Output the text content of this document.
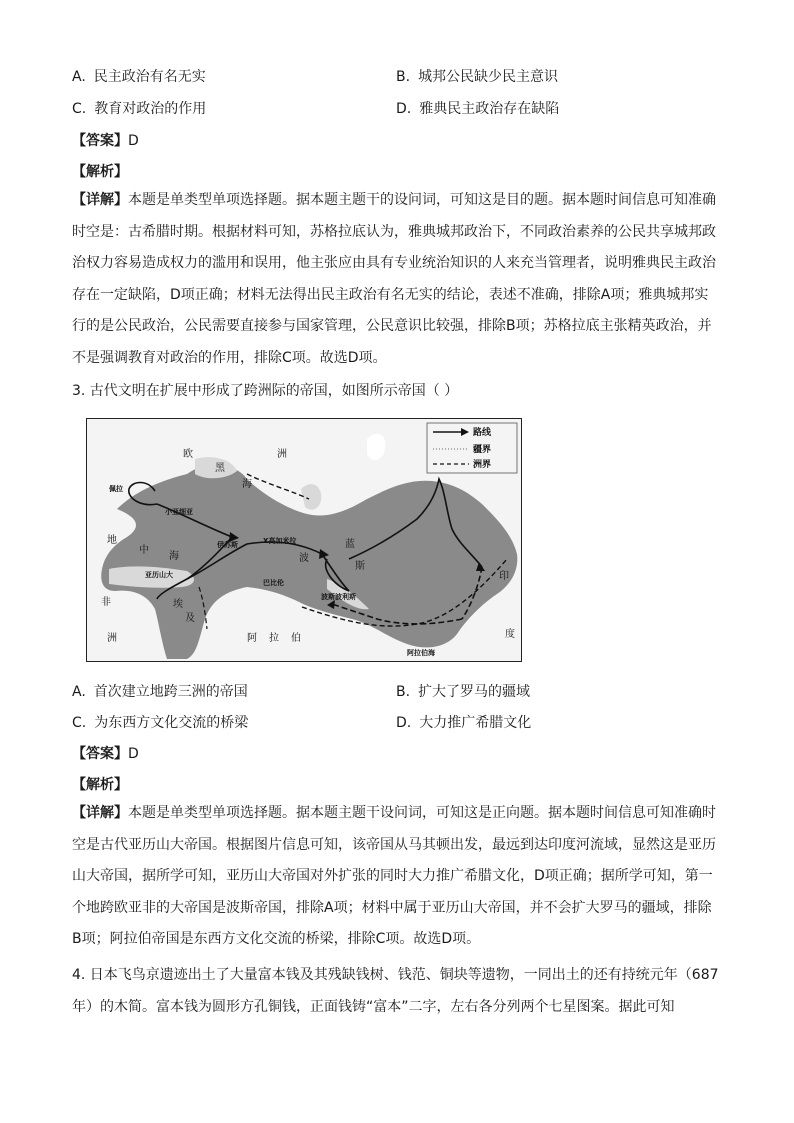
A. 民主政治有名无实	B. 城邦公民缺少民主意识
C. 教育对政治的作用	D. 雅典民主政治存在缺陷
【答案】D
【解析】

【详解】本题是单类型单项选择题。据本题主题干的设问词，可知这是目的题。据本题时间信息可知准确

时空是：古希腊时期。根据材料可知，苏格拉底认为，雅典城邦政治下，不同政治素养的公民共享城邦政

治权力容易造成权力的滥用和误用，他主张应由具有专业统治知识的人来充当管理者，说明雅典民主政治

存在一定缺陷，D项正确；材料无法得出民主政治有名无实的结论，表述不准确，排除A项；雅典城邦实

行的是公民政治，公民需要直接参与国家管理，公民意识比较强，排除B项；苏格拉底主张精英政治，并

不是强调教育对政治的作用，排除C项。故选D项。

3. 古代文明在扩展中形成了跨洲际的帝国，如图所示帝国（ ）
路线
疆界
洲界
欧	洲
黑
海
地
中
海	波
斯
蓝
阿 拉 伯
非
洲
印
度
阿拉伯海
埃
及
佩拉
小亚细亚
伊苏斯	X高加米拉
巴比伦
波斯波利斯
亚历山大
A. 首次建立地跨三洲的帝国	B. 扩大了罗马的疆域
C. 为东西方文化交流的桥梁	D. 大力推广希腊文化
【答案】D
【解析】

【详解】本题是单类型单项选择题。据本题主题干设问词，可知这是正向题。据本题时间信息可知准确时

空是古代亚历山大帝国。根据图片信息可知，该帝国从马其顿出发，最远到达印度河流域，显然这是亚历

山大帝国，据所学可知，亚历山大帝国对外扩张的同时大力推广希腊文化，D项正确；据所学可知，第一

个地跨欧亚非的大帝国是波斯帝国，排除A项；材料中属于亚历山大帝国，并不会扩大罗马的疆域，排除

B项；阿拉伯帝国是东西方文化交流的桥梁，排除C项。故选D项。

4. 日本飞鸟京遗迹出土了大量富本钱及其残缺钱树、钱范、铜块等遗物，一同出土的还有持统元年（687

年）的木简。富本钱为圆形方孔铜钱，正面钱铸“富本”二字，左右各分列两个七星图案。据此可知
